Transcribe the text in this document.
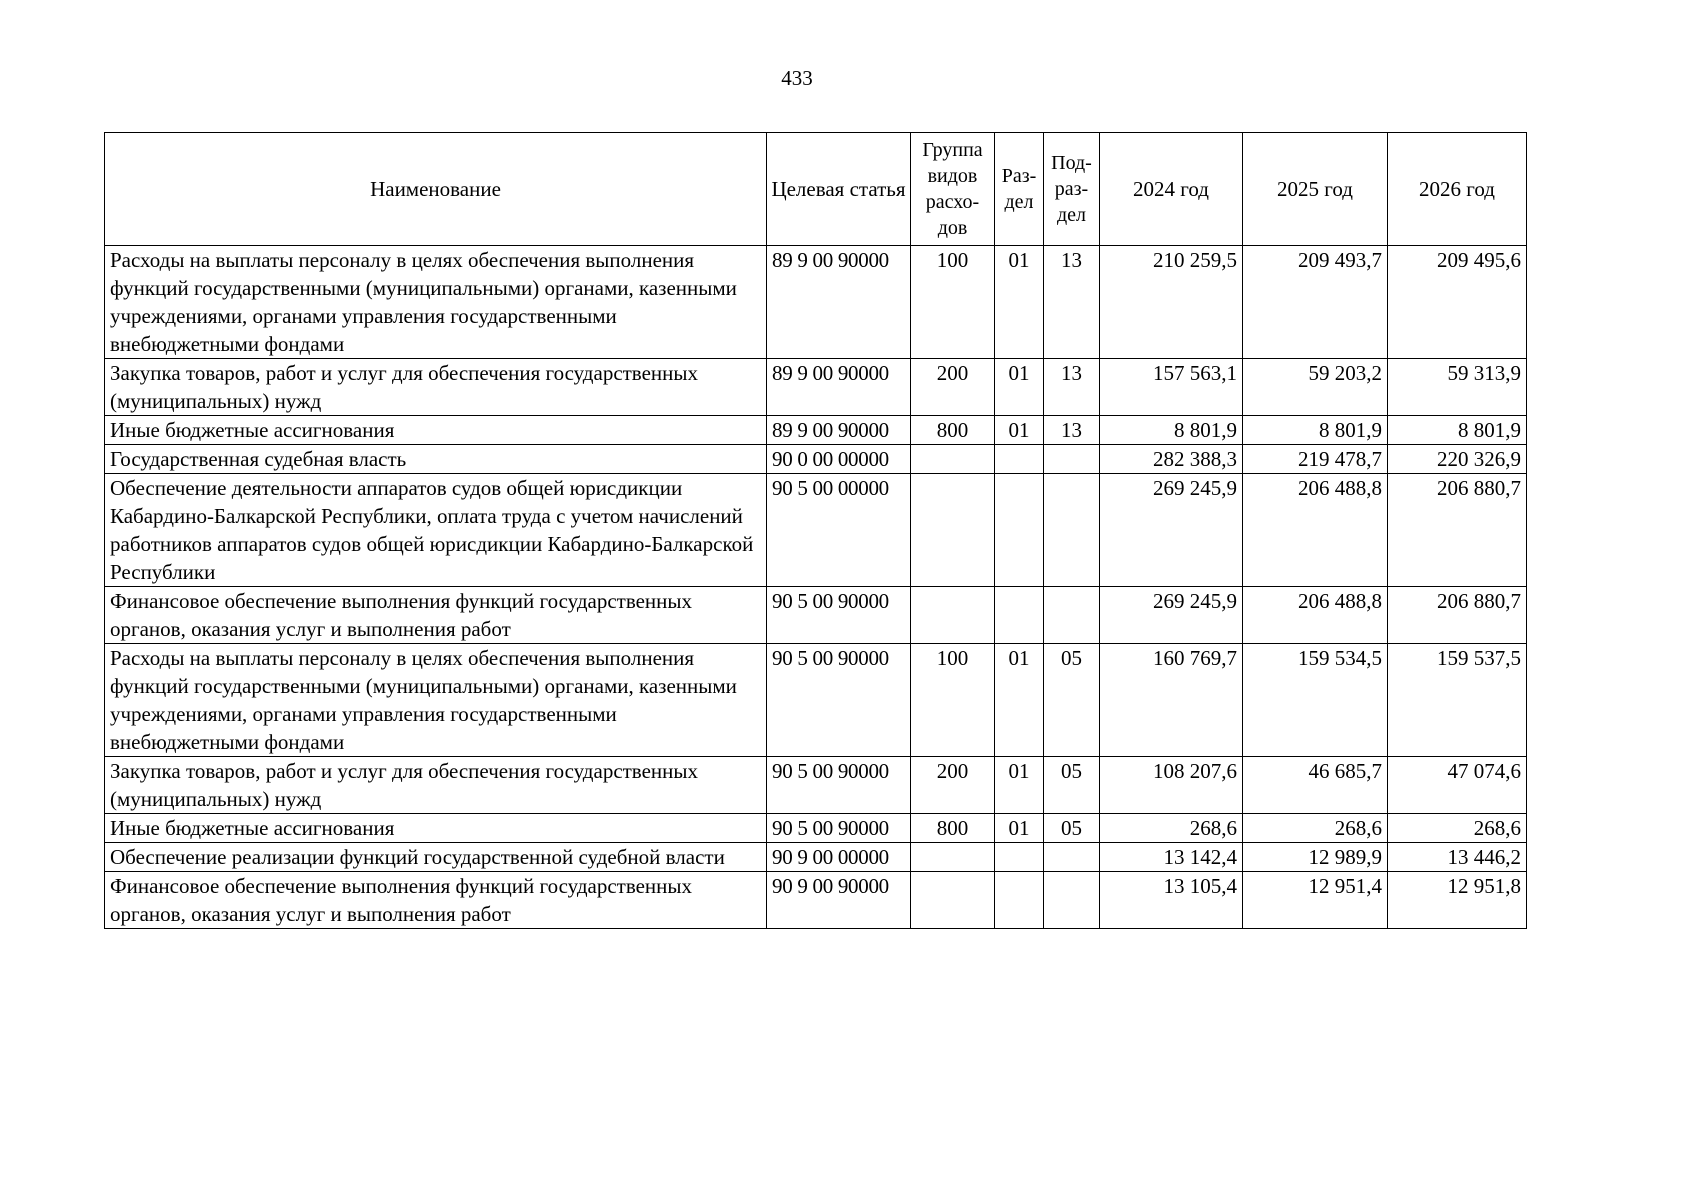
433
Наименование	Целевая статья	Группа видов расхо-дов	Раз-дел	Под-раз-дел	2024 год	2025 год	2026 год
Расходы на выплаты персоналу в целях обеспечения выполнения функций государственными (муниципальными) органами, казенными учреждениями, органами управления государственными внебюджетными фондами	89 9 00 90000	100	01	13	210 259,5	209 493,7	209 495,6
Закупка товаров, работ и услуг для обеспечения государственных (муниципальных) нужд	89 9 00 90000	200	01	13	157 563,1	59 203,2	59 313,9
Иные бюджетные ассигнования	89 9 00 90000	800	01	13	8 801,9	8 801,9	8 801,9
Государственная судебная власть	90 0 00 00000				282 388,3	219 478,7	220 326,9
Обеспечение деятельности аппаратов судов общей юрисдикции Кабардино-Балкарской Республики, оплата труда с учетом начислений работников аппаратов судов общей юрисдикции Кабардино-Балкарской Республики	90 5 00 00000				269 245,9	206 488,8	206 880,7
Финансовое обеспечение выполнения функций государственных органов, оказания услуг и выполнения работ	90 5 00 90000				269 245,9	206 488,8	206 880,7
Расходы на выплаты персоналу в целях обеспечения выполнения функций государственными (муниципальными) органами, казенными учреждениями, органами управления государственными внебюджетными фондами	90 5 00 90000	100	01	05	160 769,7	159 534,5	159 537,5
Закупка товаров, работ и услуг для обеспечения государственных (муниципальных) нужд	90 5 00 90000	200	01	05	108 207,6	46 685,7	47 074,6
Иные бюджетные ассигнования	90 5 00 90000	800	01	05	268,6	268,6	268,6
Обеспечение реализации функций государственной судебной власти	90 9 00 00000				13 142,4	12 989,9	13 446,2
Финансовое обеспечение выполнения функций государственных органов, оказания услуг и выполнения работ	90 9 00 90000				13 105,4	12 951,4	12 951,8
